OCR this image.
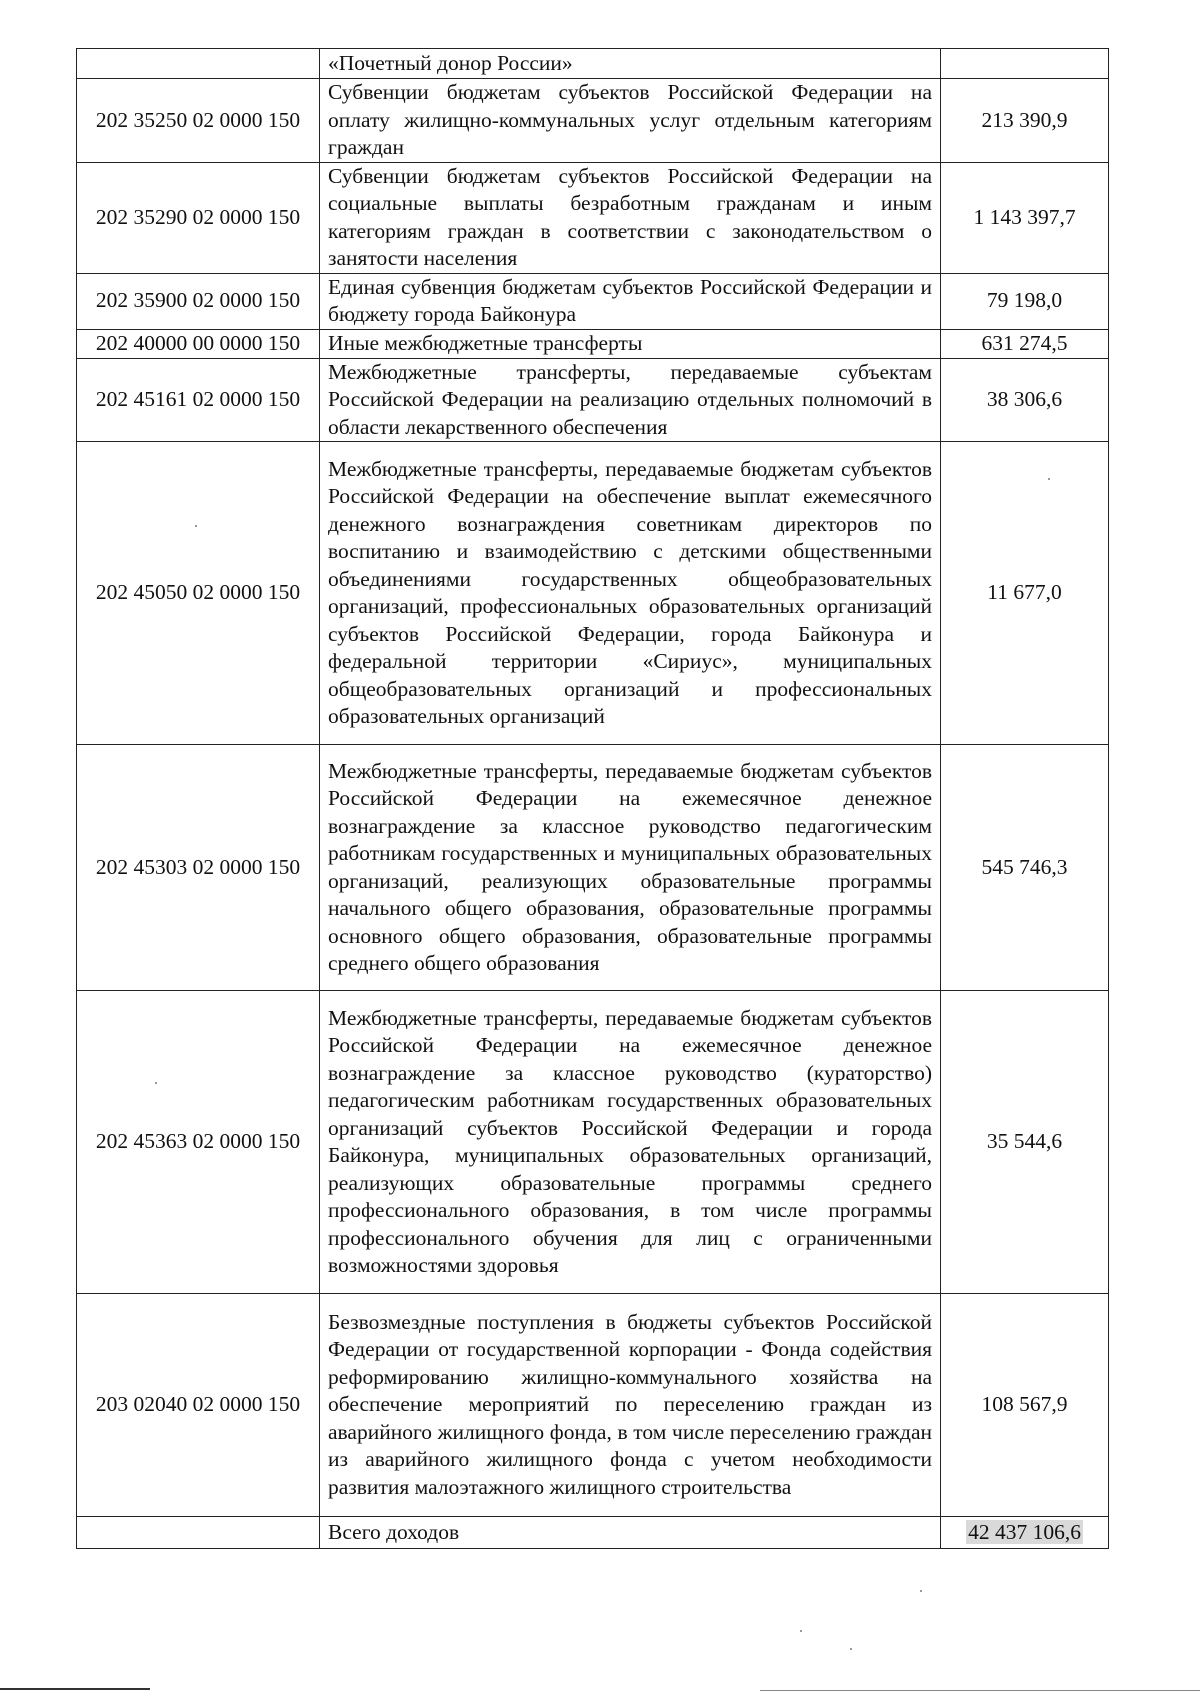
	«Почетный донор России»	
202 35250 02 0000 150	Субвенции бюджетам субъектов Российской Федерации на оплату жилищно-коммунальных услуг отдельным категориям граждан	213 390,9
202 35290 02 0000 150	Субвенции бюджетам субъектов Российской Федерации на социальные выплаты безработным гражданам и иным категориям граждан в соответствии с законодательством о занятости населения	1 143 397,7
202 35900 02 0000 150	Единая субвенция бюджетам субъектов Российской Федерации и бюджету города Байконура	79 198,0
202 40000 00 0000 150	Иные межбюджетные трансферты	631 274,5
202 45161 02 0000 150	Межбюджетные трансферты, передаваемые субъектам Российской Федерации на реализацию отдельных полномочий в области лекарственного обеспечения	38 306,6
202 45050 02 0000 150	Межбюджетные трансферты, передаваемые бюджетам субъектов Российской Федерации на обеспечение выплат ежемесячного денежного вознаграждения советникам директоров по воспитанию и взаимодействию с детскими общественными объединениями государственных общеобразовательных организаций, профессиональных образовательных организаций субъектов Российской Федерации, города Байконура и федеральной территории «Сириус», муниципальных общеобразовательных организаций и профессиональных образовательных организаций	11 677,0
202 45303 02 0000 150	Межбюджетные трансферты, передаваемые бюджетам субъектов Российской Федерации на ежемесячное денежное вознаграждение за классное руководство педагогическим работникам государственных и муниципальных образовательных организаций, реализующих образовательные программы начального общего образования, образовательные программы основного общего образования, образовательные программы среднего общего образования	545 746,3
202 45363 02 0000 150	Межбюджетные трансферты, передаваемые бюджетам субъектов Российской Федерации на ежемесячное денежное вознаграждение за классное руководство (кураторство) педагогическим работникам государственных образовательных организаций субъектов Российской Федерации и города Байконура, муниципальных образовательных организаций, реализующих образовательные программы среднего профессионального образования, в том числе программы профессионального обучения для лиц с ограниченными возможностями здоровья	35 544,6
203 02040 02 0000 150	Безвозмездные поступления в бюджеты субъектов Российской Федерации от государственной корпорации - Фонда содействия реформированию жилищно-коммунального хозяйства на обеспечение мероприятий по переселению граждан из аварийного жилищного фонда, в том числе переселению граждан из аварийного жилищного фонда с учетом необходимости развития малоэтажного жилищного строительства	108 567,9
	Всего доходов	42 437 106,6
